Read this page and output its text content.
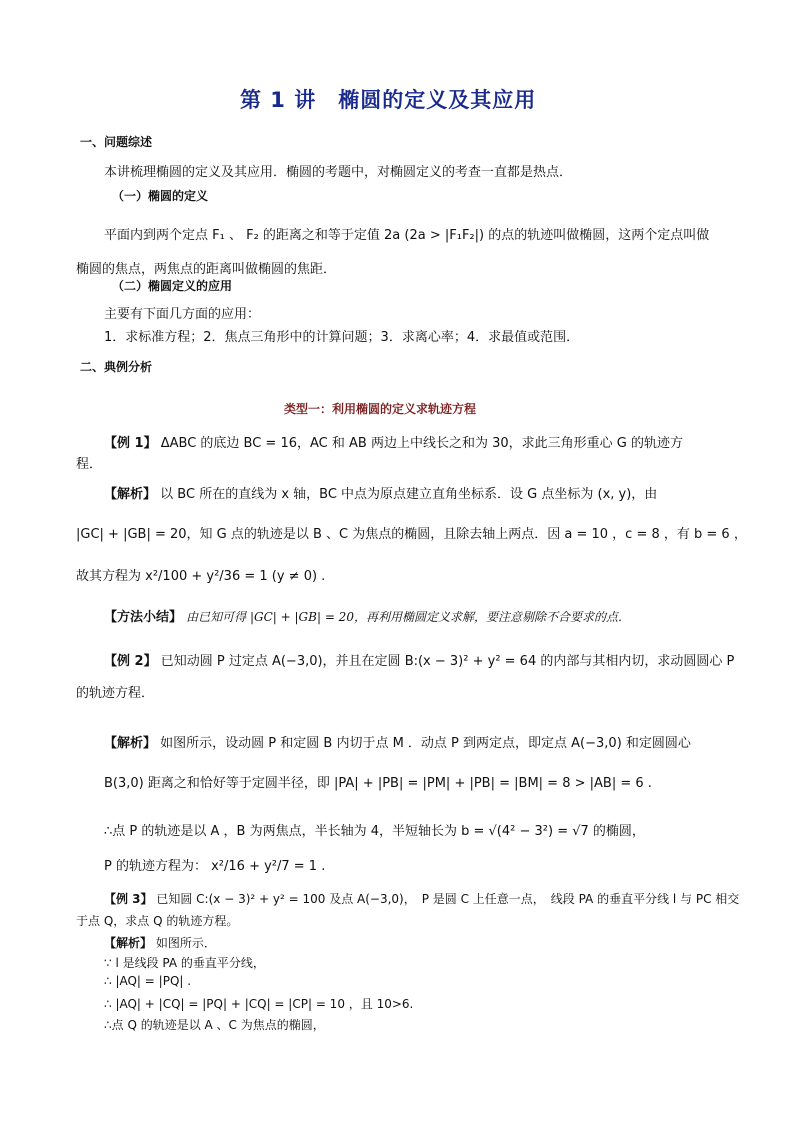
第 1 讲　椭圆的定义及其应用
一、问题综述
本讲梳理椭圆的定义及其应用．椭圆的考题中，对椭圆定义的考查一直都是热点．
（一）椭圆的定义
平面内到两个定点 F₁ 、 F₂ 的距离之和等于定值 2a (2a > |F₁F₂|) 的点的轨迹叫做椭圆，这两个定点叫做
椭圆的焦点，两焦点的距离叫做椭圆的焦距．
（二）椭圆定义的应用
主要有下面几方面的应用：
1．求标准方程；2．焦点三角形中的计算问题；3．求离心率；4．求最值或范围．
二、典例分析
类型一：利用椭圆的定义求轨迹方程
【例 1】 ΔABC 的底边 BC = 16，AC 和 AB 两边上中线长之和为 30，求此三角形重心 G 的轨迹方
程．
【解析】 以 BC 所在的直线为 x 轴，BC 中点为原点建立直角坐标系．设 G 点坐标为 (x, y)，由
|GC| + |GB| = 20，知 G 点的轨迹是以 B 、C 为焦点的椭圆，且除去轴上两点．因 a = 10 ，c = 8 ，有 b = 6 ，
故其方程为 x²/100 + y²/36 = 1 (y ≠ 0) .
【方法小结】 由已知可得 |GC| + |GB| = 20，再利用椭圆定义求解，要注意剔除不合要求的点．
【例 2】 已知动圆 P 过定点 A(−3,0)，并且在定圆 B:(x − 3)² + y² = 64 的内部与其相内切，求动圆圆心 P
的轨迹方程．
【解析】 如图所示，设动圆 P 和定圆 B 内切于点 M ．动点 P 到两定点，即定点 A(−3,0) 和定圆圆心
B(3,0) 距离之和恰好等于定圆半径，即 |PA| + |PB| = |PM| + |PB| = |BM| = 8 > |AB| = 6 .
∴点 P 的轨迹是以 A ，B 为两焦点，半长轴为 4，半短轴长为 b = √(4² − 3²) = √7 的椭圆，
P 的轨迹方程为： x²/16 + y²/7 = 1 .
【例 3】 已知圆 C:(x − 3)² + y² = 100 及点 A(−3,0)，　P 是圆 C 上任意一点，　线段 PA 的垂直平分线 l 与 PC 相交
于点 Q，求点 Q 的轨迹方程。
【解析】 如图所示．
∵ l 是线段 PA 的垂直平分线，
∴ |AQ| = |PQ| .
∴ |AQ| + |CQ| = |PQ| + |CQ| = |CP| = 10 ，且 10>6.
∴点 Q 的轨迹是以 A 、C 为焦点的椭圆，
